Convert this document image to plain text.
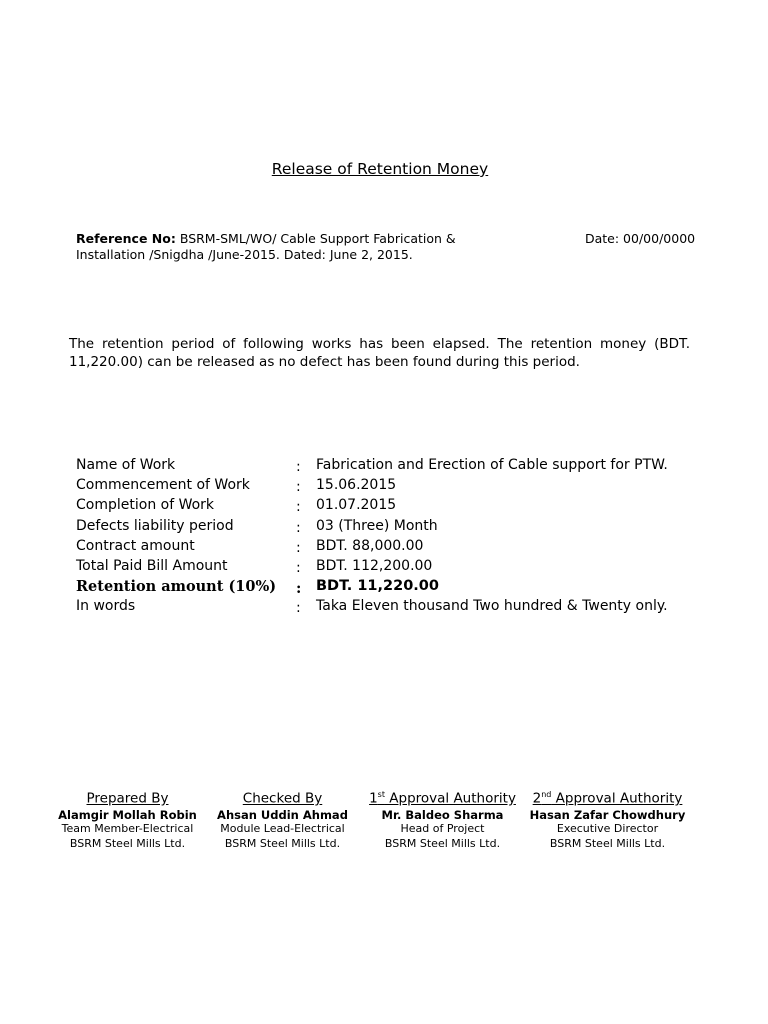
Release of Retention Money
Reference No: BSRM-SML/WO/ Cable Support Fabrication & Installation /Snigdha /June-2015. Dated: June 2, 2015.
Date: 00/00/0000

The retention period of following works has been elapsed. The retention money (BDT. 11,220.00) can be released as no defect has been found during this period.

Name of Work	: Fabrication and Erection of Cable support for PTW.
Commencement of Work	: 15.06.2015
Completion of Work	: 01.07.2015
Defects liability period	: 03 (Three) Month
Contract amount	: BDT. 88,000.00
Total Paid Bill Amount	: BDT. 112,200.00
Retention amount (10%) : BDT. 11,220.00
In words	: Taka Eleven thousand Two hundred & Twenty only.
Prepared By
Alamgir Mollah Robin
Team Member-Electrical
BSRM Steel Mills Ltd.
Checked By
Ahsan Uddin Ahmad
Module Lead-Electrical
BSRM Steel Mills Ltd.
1st Approval Authority
Mr. Baldeo Sharma
Head of Project
BSRM Steel Mills Ltd.
2nd Approval Authority
Hasan Zafar Chowdhury
Executive Director
BSRM Steel Mills Ltd.
